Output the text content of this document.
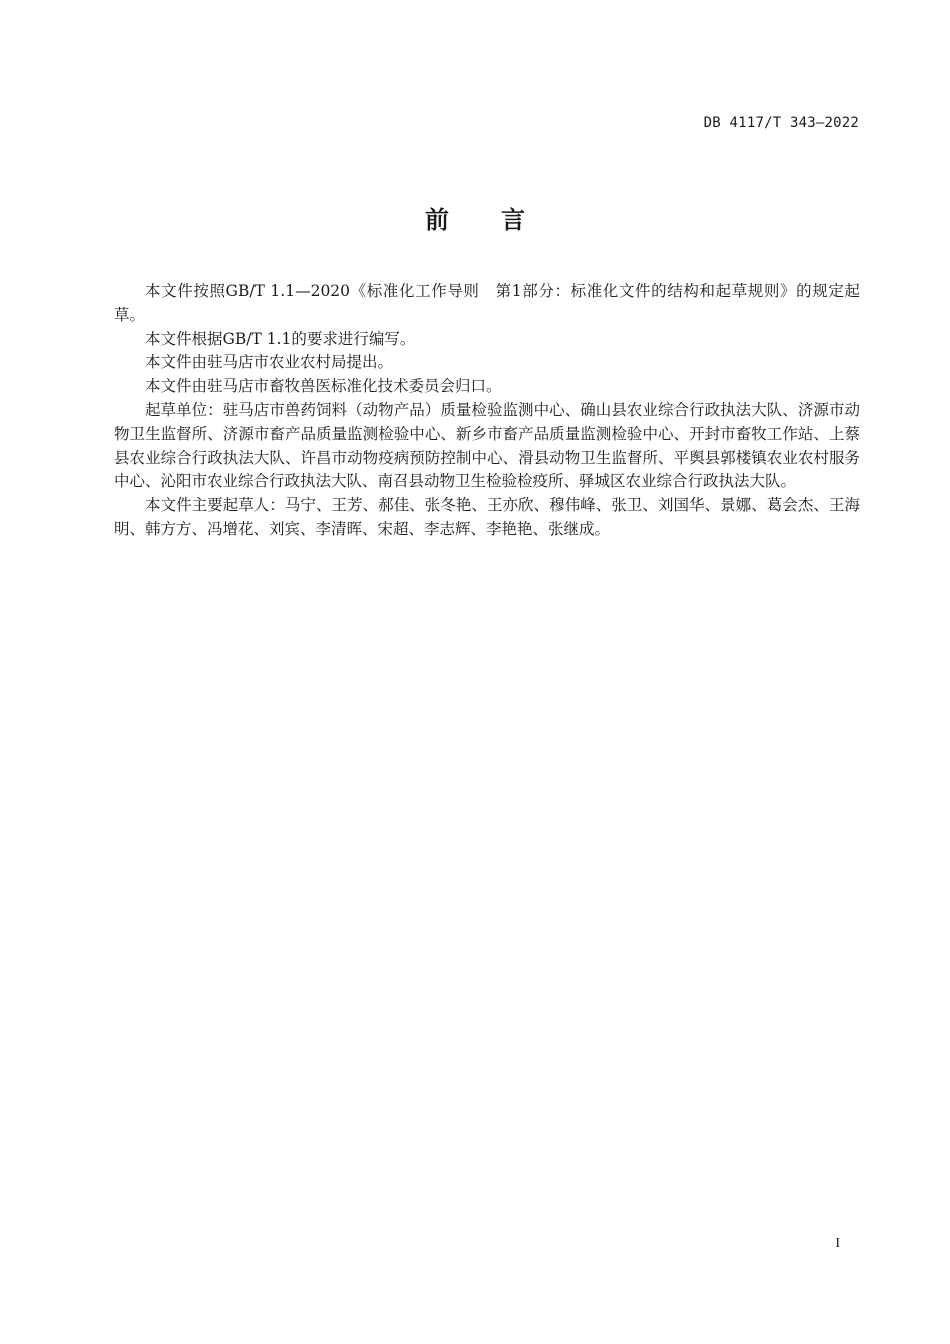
DB 4117/T 343—2022
前言

本文件按照GB/T 1.1—2020《标准化工作导则　第1部分：标准化文件的结构和起草规则》的规定起草。

本文件根据GB/T 1.1的要求进行编写。

本文件由驻马店市农业农村局提出。

本文件由驻马店市畜牧兽医标准化技术委员会归口。

起草单位：驻马店市兽药饲料（动物产品）质量检验监测中心、确山县农业综合行政执法大队、济源市动物卫生监督所、济源市畜产品质量监测检验中心、新乡市畜产品质量监测检验中心、开封市畜牧工作站、上蔡县农业综合行政执法大队、许昌市动物疫病预防控制中心、滑县动物卫生监督所、平舆县郭楼镇农业农村服务中心、沁阳市农业综合行政执法大队、南召县动物卫生检验检疫所、驿城区农业综合行政执法大队。

本文件主要起草人：马宁、王芳、郝佳、张冬艳、王亦欣、穆伟峰、张卫、刘国华、景娜、葛会杰、王海明、韩方方、冯增花、刘宾、李清晖、宋超、李志辉、李艳艳、张继成。

I
